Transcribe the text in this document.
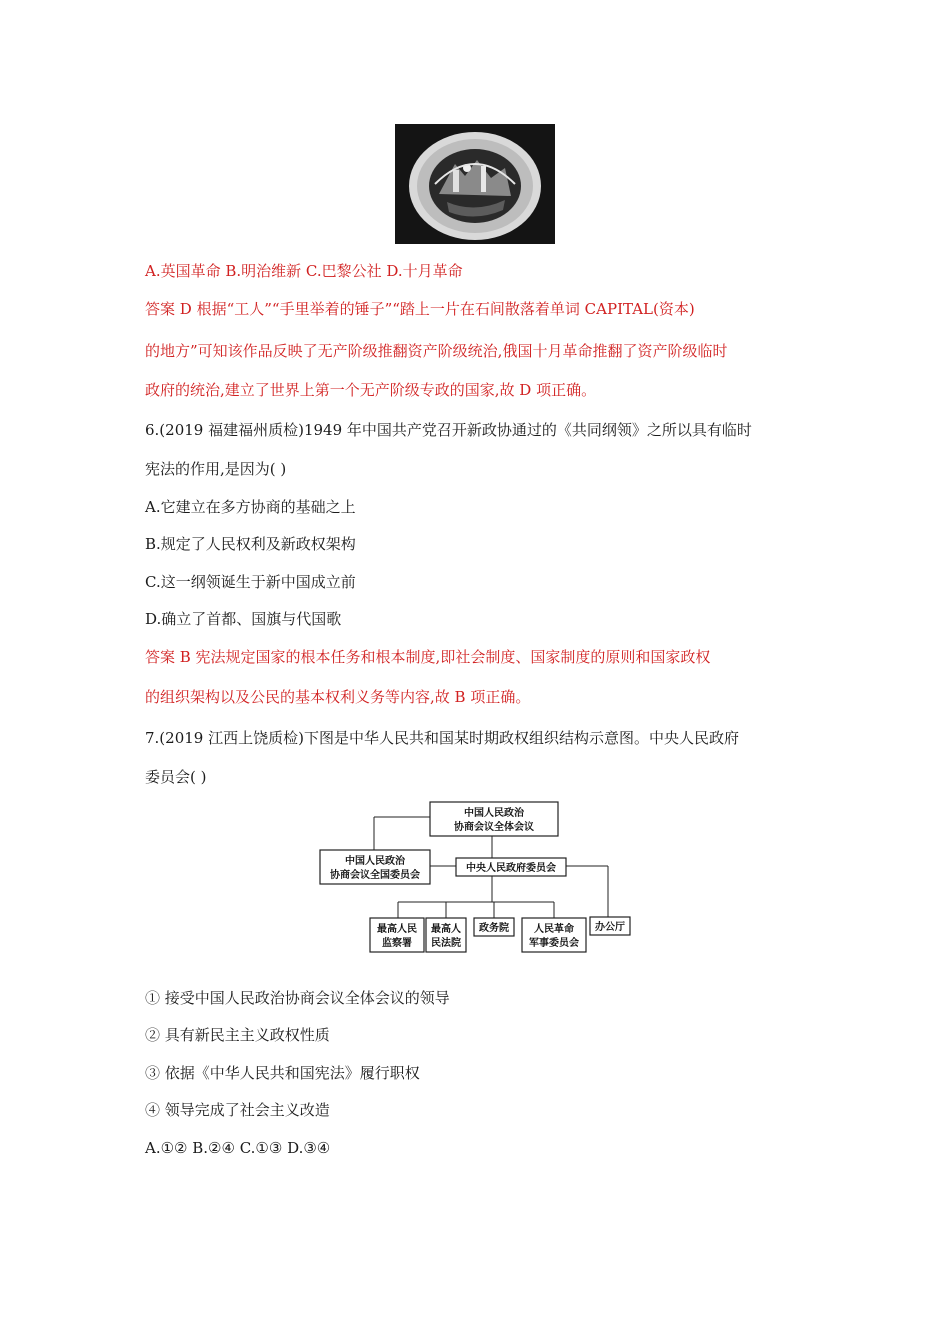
A.英国革命 B.明治维新 C.巴黎公社 D.十月革命
答案 D 根据“工人”“手里举着的锤子”“踏上一片在石间散落着单词 CAPITAL(资本)
的地方”可知该作品反映了无产阶级推翻资产阶级统治,俄国十月革命推翻了资产阶级临时
政府的统治,建立了世界上第一个无产阶级专政的国家,故 D 项正确。
6.(2019 福建福州质检)1949 年中国共产党召开新政协通过的《共同纲领》之所以具有临时
宪法的作用,是因为( )
A.它建立在多方协商的基础之上
B.规定了人民权利及新政权架构
C.这一纲领诞生于新中国成立前
D.确立了首都、国旗与代国歌
答案 B 宪法规定国家的根本任务和根本制度,即社会制度、国家制度的原则和国家政权
的组织架构以及公民的基本权利义务等内容,故 B 项正确。
7.(2019 江西上饶质检)下图是中华人民共和国某时期政权组织结构示意图。中央人民政府
委员会( )
中国人民政治
协商会议全体会议
中国人民政治
协商会议全国委员会
中央人民政府委员会
最高人民
监察署
最高人
民法院
政务院	人民革命
军事委员会
办公厅
① 接受中国人民政治协商会议全体会议的领导
② 具有新民主主义政权性质
③ 依据《中华人民共和国宪法》履行职权
④ 领导完成了社会主义改造
A.①② B.②④ C.①③ D.③④
